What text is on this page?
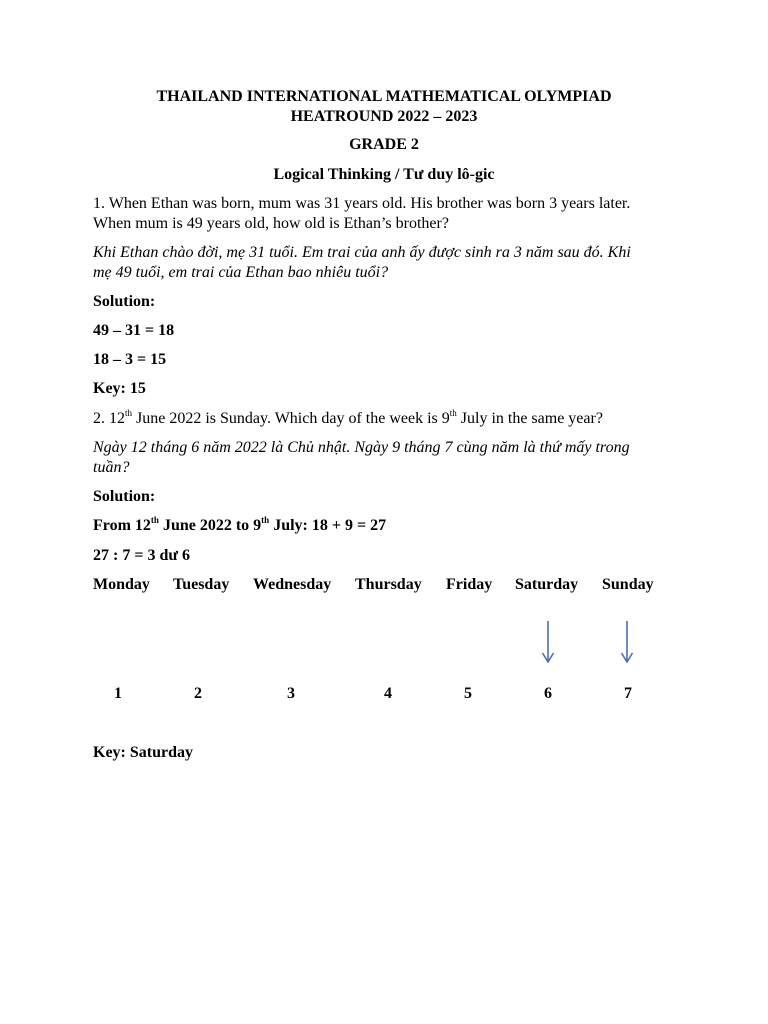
THAILAND INTERNATIONAL MATHEMATICAL OLYMPIAD

HEATROUND 2022 – 2023

GRADE 2

Logical Thinking / Tư duy lô-gic

1. When Ethan was born, mum was 31 years old. His brother was born 3 years later.

When mum is 49 years old, how old is Ethan’s brother?

Khi Ethan chào đời, mẹ 31 tuổi. Em trai của anh ấy được sinh ra 3 năm sau đó. Khi

mẹ 49 tuổi, em trai của Ethan bao nhiêu tuổi?

Solution:

49 – 31 = 18

18 – 3 = 15

Key: 15

2. 12th June 2022 is Sunday. Which day of the week is 9th July in the same year?

Ngày 12 tháng 6 năm 2022 là Chủ nhật. Ngày 9 tháng 7 cùng năm là thứ mấy trong

tuần?

Solution:

From 12th June 2022 to 9th July: 18 + 9 = 27

27 : 7 = 3 dư 6

Monday Tuesday Wednesday Thursday Friday Saturday Sunday
1	2	3	4	5	6	7

Key: Saturday
